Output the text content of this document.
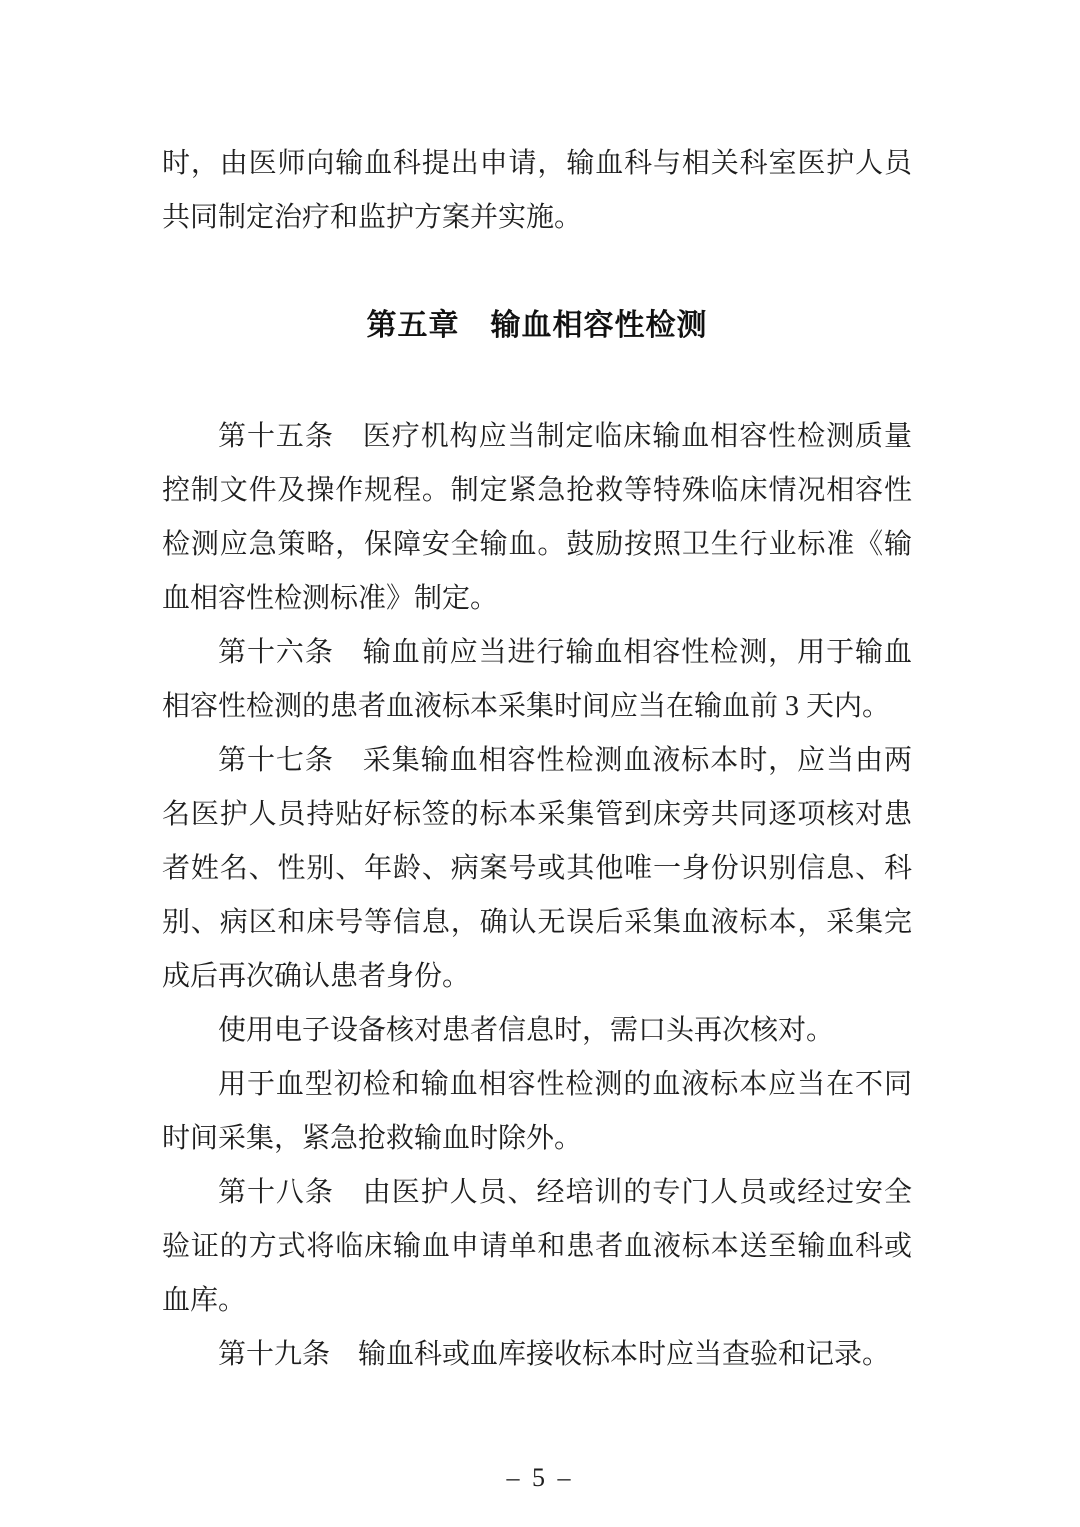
时，由医师向输血科提出申请，输血科与相关科室医护人员共同制定治疗和监护方案并实施。

第五章　输血相容性检测

第十五条　医疗机构应当制定临床输血相容性检测质量控制文件及操作规程。制定紧急抢救等特殊临床情况相容性检测应急策略，保障安全输血。鼓励按照卫生行业标准《输血相容性检测标准》制定。

第十六条　输血前应当进行输血相容性检测，用于输血相容性检测的患者血液标本采集时间应当在输血前 3 天内。

第十七条　采集输血相容性检测血液标本时，应当由两名医护人员持贴好标签的标本采集管到床旁共同逐项核对患者姓名、性别、年龄、病案号或其他唯一身份识别信息、科别、病区和床号等信息，确认无误后采集血液标本，采集完成后再次确认患者身份。

使用电子设备核对患者信息时，需口头再次核对。

用于血型初检和输血相容性检测的血液标本应当在不同时间采集，紧急抢救输血时除外。

第十八条　由医护人员、经培训的专门人员或经过安全验证的方式将临床输血申请单和患者血液标本送至输血科或血库。

第十九条　输血科或血库接收标本时应当查验和记录。

– 5 –
